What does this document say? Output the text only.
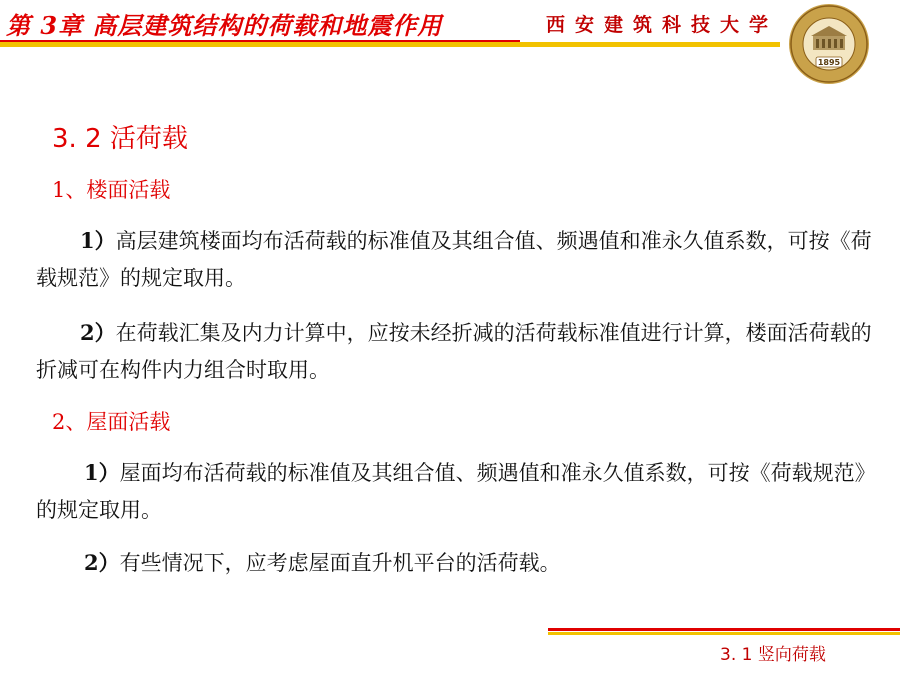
第 3章 高层建筑结构的荷载和地震作用	西安建筑科技大学
1895
3. 2 活荷载
1、楼面活载
1）高层建筑楼面均布活荷载的标准值及其组合值、频遇值和准永久值系数，可按《荷载规范》的规定取用。
2）在荷载汇集及内力计算中，应按未经折减的活荷载标准值进行计算，楼面活荷载的折减可在构件内力组合时取用。
2、屋面活载
1）屋面均布活荷载的标准值及其组合值、频遇值和准永久值系数，可按《荷载规范》的规定取用。
2）有些情况下，应考虑屋面直升机平台的活荷载。
3. 1 竖向荷载
